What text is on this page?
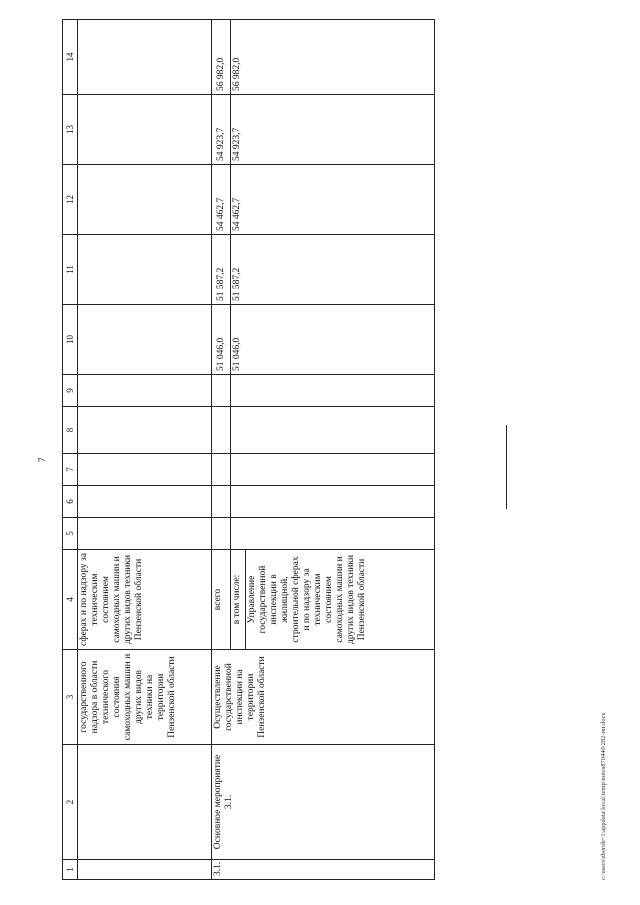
7
c:\users\zborob~1\appdata\local\temp\notes870440\282-пп.docx
1	2	3	4	5	6	7	8	9	10	11	12	13	14
		государственного надзора в области технического состояния самоходных машин и других видов техники на территории Пензенской области	сферах и по надзору за техническим состоянием самоходных машин и других видов техники Пензенской области										
3.1.	Основное мероприятие 3.1.	Осуществление государственной инспекции на территории Пензенской области	всего						51 046,0	51 587,2	54 462,7	54 923,7	56 982,0
			в том числе:						51 046,0	51 587,2	54 462,7	54 923,7	56 982,0
			Управление государственной инспекции в жилищной, строительной сферах и по надзору за техническим состоянием самоходных машин и других видов техники Пензенской области										
